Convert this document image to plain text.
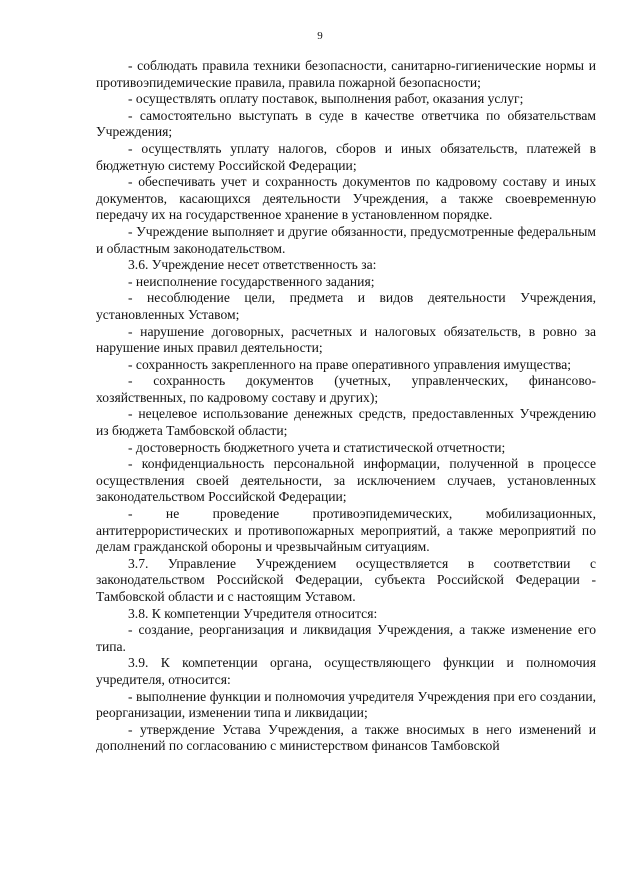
9

- соблюдать правила техники безопасности, санитарно-гигиенические нормы и противоэпидемические правила, правила пожарной безопасности;

- осуществлять оплату поставок, выполнения работ, оказания услуг;

- самостоятельно выступать в суде в качестве ответчика по обязательствам Учреждения;

- осуществлять уплату налогов, сборов и иных обязательств, платежей в бюджетную систему Российской Федерации;

- обеспечивать учет и сохранность документов по кадровому составу и иных документов, касающихся деятельности Учреждения, а также своевременную передачу их на государственное хранение в установленном порядке.

- Учреждение выполняет и другие обязанности, предусмотренные федеральным и областным законодательством.

3.6. Учреждение несет ответственность за:

- неисполнение государственного задания;

- несоблюдение цели, предмета и видов деятельности Учреждения, установленных Уставом;

- нарушение договорных, расчетных и налоговых обязательств, в ровно за нарушение иных правил деятельности;

- сохранность закрепленного на праве оперативного управления имущества;

- сохранность документов (учетных, управленческих, финансово-хозяйственных, по кадровому составу и других);

- нецелевое использование денежных средств, предоставленных Учреждению из бюджета Тамбовской области;

- достоверность бюджетного учета и статистической отчетности;

- конфиденциальность персональной информации, полученной в процессе осуществления своей деятельности, за исключением случаев, установленных законодательством Российской Федерации;

- не проведение противоэпидемических, мобилизационных, антитеррористических и противопожарных мероприятий, а также мероприятий по делам гражданской обороны и чрезвычайным ситуациям.

3.7. Управление Учреждением осуществляется в соответствии с законодательством Российской Федерации, субъекта Российской Федерации - Тамбовской области и с настоящим Уставом.

3.8. К компетенции Учредителя относится:

- создание, реорганизация и ликвидация Учреждения, а также изменение его типа.

3.9. К компетенции органа, осуществляющего функции и полномочия учредителя, относится:

- выполнение функции и полномочия учредителя Учреждения при его создании, реорганизации, изменении типа и ликвидации;

- утверждение Устава Учреждения, а также вносимых в него изменений и дополнений по согласованию с министерством финансов Тамбовской
